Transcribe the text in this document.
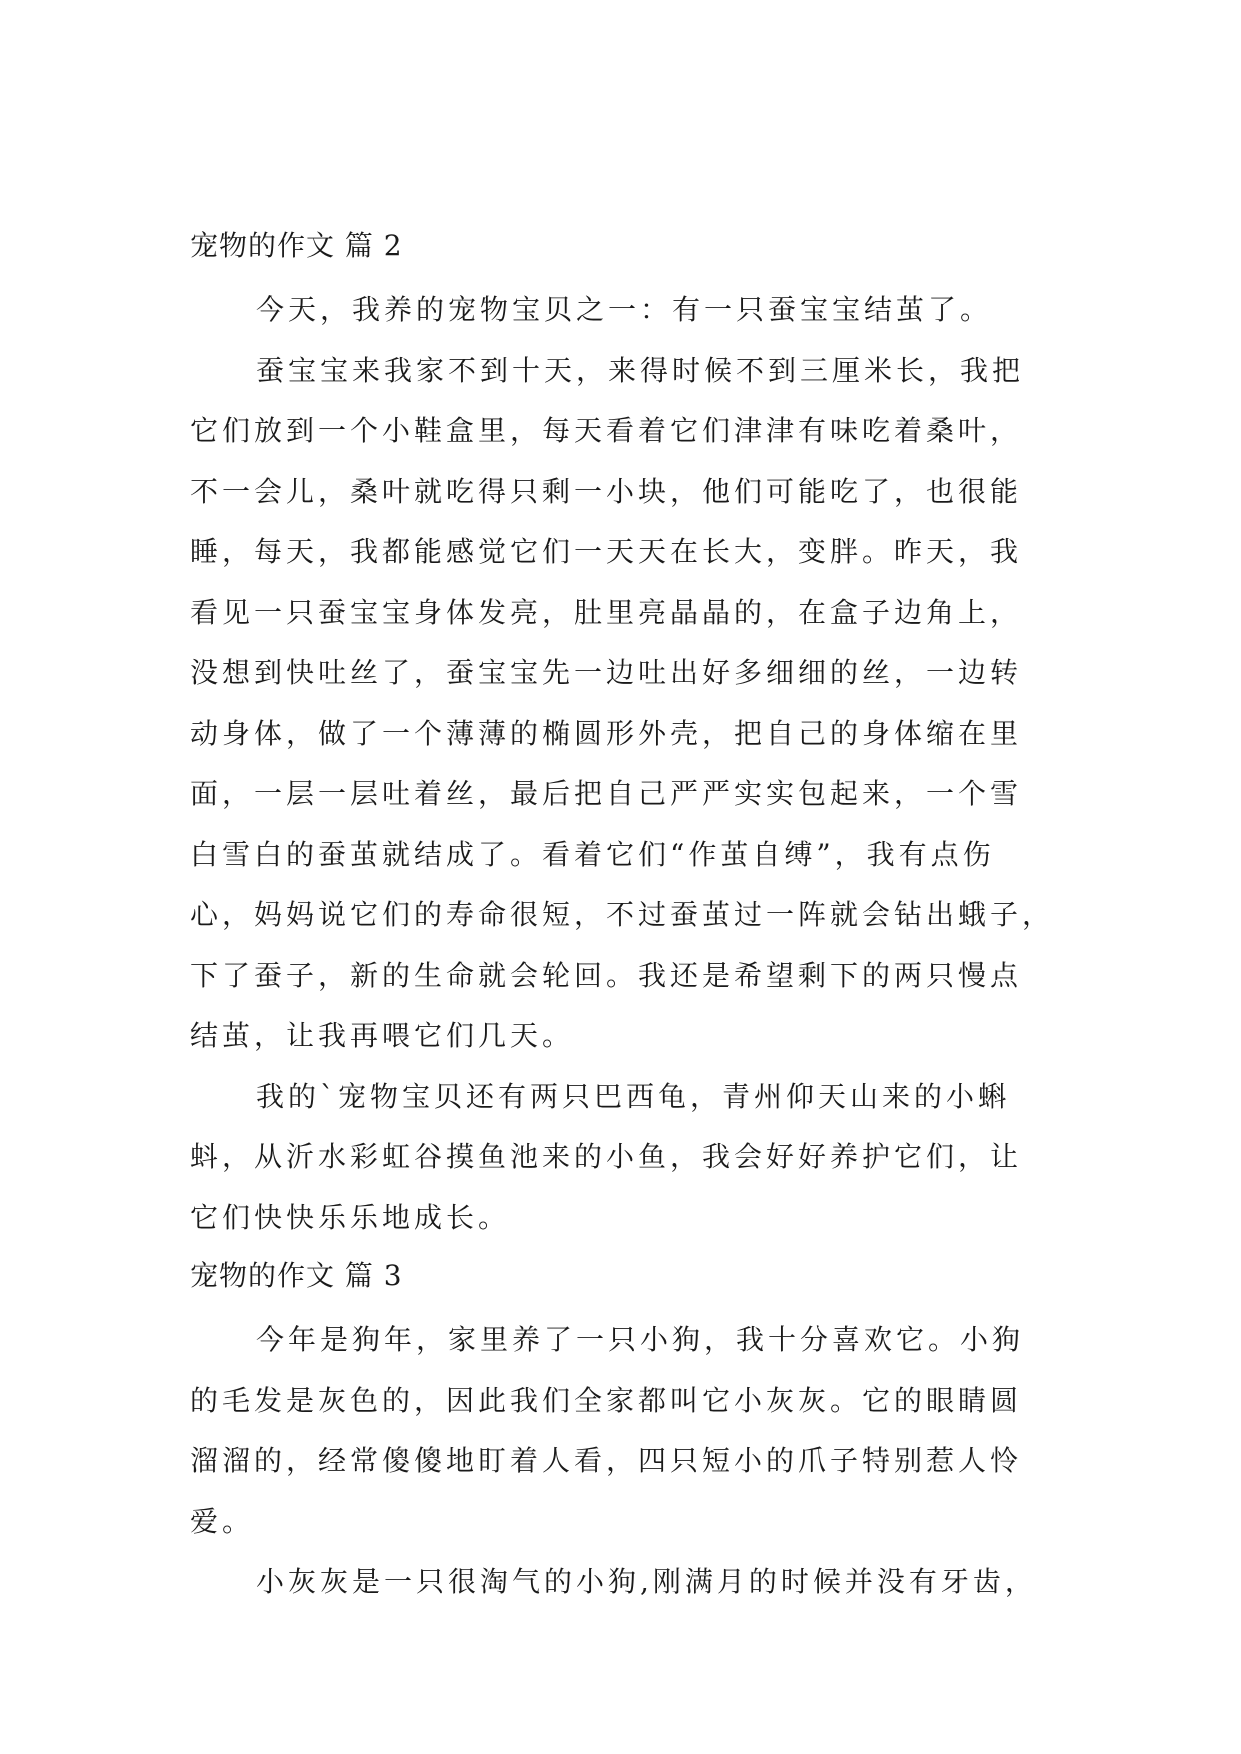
宠物的作文 篇 2
今天，我养的宠物宝贝之一：有一只蚕宝宝结茧了。
蚕宝宝来我家不到十天，来得时候不到三厘米长，我把
它们放到一个小鞋盒里，每天看着它们津津有味吃着桑叶，
不一会儿，桑叶就吃得只剩一小块，他们可能吃了，也很能
睡，每天，我都能感觉它们一天天在长大，变胖。昨天，我
看见一只蚕宝宝身体发亮，肚里亮晶晶的，在盒子边角上，
没想到快吐丝了，蚕宝宝先一边吐出好多细细的丝，一边转
动身体，做了一个薄薄的椭圆形外壳，把自己的身体缩在里
面，一层一层吐着丝，最后把自己严严实实包起来，一个雪
白雪白的蚕茧就结成了。看着它们“作茧自缚”，我有点伤
心，妈妈说它们的寿命很短，不过蚕茧过一阵就会钻出蛾子，
下了蚕子，新的生命就会轮回。我还是希望剩下的两只慢点
结茧，让我再喂它们几天。
我的`宠物宝贝还有两只巴西龟，青州仰天山来的小蝌
蚪，从沂水彩虹谷摸鱼池来的小鱼，我会好好养护它们，让
它们快快乐乐地成长。
宠物的作文 篇 3
今年是狗年，家里养了一只小狗，我十分喜欢它。小狗
的毛发是灰色的，因此我们全家都叫它小灰灰。它的眼睛圆
溜溜的，经常傻傻地盯着人看，四只短小的爪子特别惹人怜
爱。
小灰灰是一只很淘气的小狗,刚满月的时候并没有牙齿，
